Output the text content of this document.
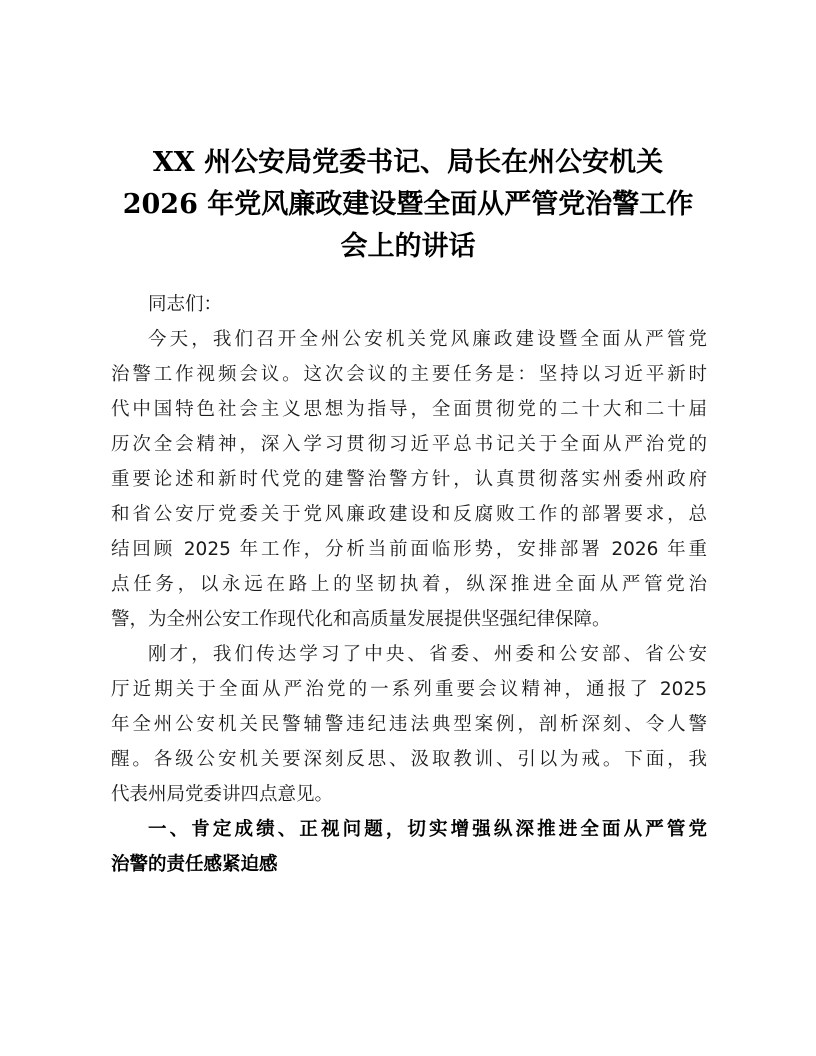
XX 州公安局党委书记、局长在州公安机关
2026 年党风廉政建设暨全面从严管党治警工作
会上的讲话

同志们：

今天，我们召开全州公安机关党风廉政建设暨全面从严管党
治警工作视频会议。这次会议的主要任务是：坚持以习近平新时
代中国特色社会主义思想为指导，全面贯彻党的二十大和二十届
历次全会精神，深入学习贯彻习近平总书记关于全面从严治党的
重要论述和新时代党的建警治警方针，认真贯彻落实州委州政府
和省公安厅党委关于党风廉政建设和反腐败工作的部署要求，总
结回顾 2025 年工作，分析当前面临形势，安排部署 2026 年重
点任务，以永远在路上的坚韧执着，纵深推进全面从严管党治
警，为全州公安工作现代化和高质量发展提供坚强纪律保障。

刚才，我们传达学习了中央、省委、州委和公安部、省公安
厅近期关于全面从严治党的一系列重要会议精神，通报了 2025
年全州公安机关民警辅警违纪违法典型案例，剖析深刻、令人警
醒。各级公安机关要深刻反思、汲取教训、引以为戒。下面，我
代表州局党委讲四点意见。

一、肯定成绩、正视问题，切实增强纵深推进全面从严管党
治警的责任感紧迫感
